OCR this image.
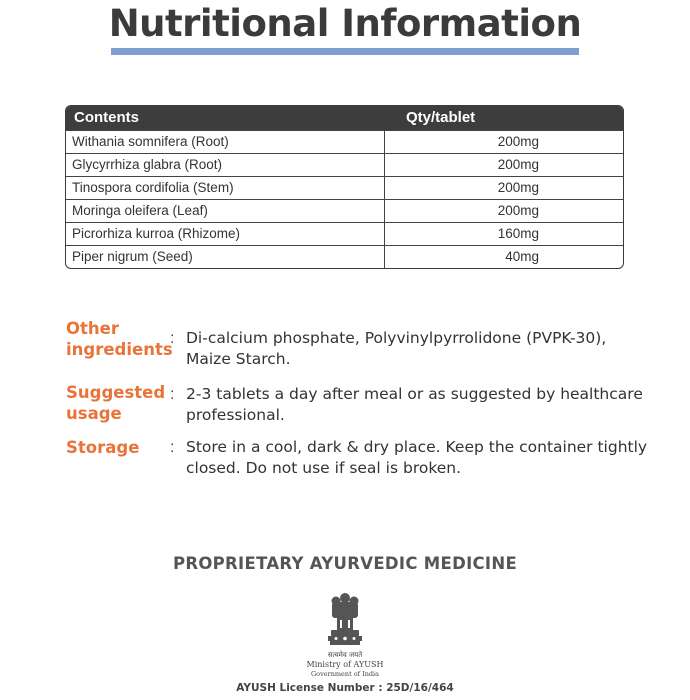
Nutritional Information
Contents	Qty/tablet
Withania somnifera (Root)	200mg
Glycyrrhiza glabra (Root)	200mg
Tinospora cordifolia (Stem)	200mg
Moringa oleifera (Leaf)	200mg
Picrorhiza kurroa (Rhizome)	160mg
Piper nigrum (Seed)	40mg
Other
ingredients
: Di-calcium phosphate, Polyvinylpyrrolidone (PVPK-30), Maize Starch.
Suggested
usage
: 2-3 tablets a day after meal or as suggested by healthcare professional.
Storage	: Store in a cool, dark & dry place. Keep the container tightly closed. Do not use if seal is broken.
PROPRIETARY AYURVEDIC MEDICINE
सत्यमेव जयते
Ministry of AYUSH
Government of India
AYUSH License Number : 25D/16/464
